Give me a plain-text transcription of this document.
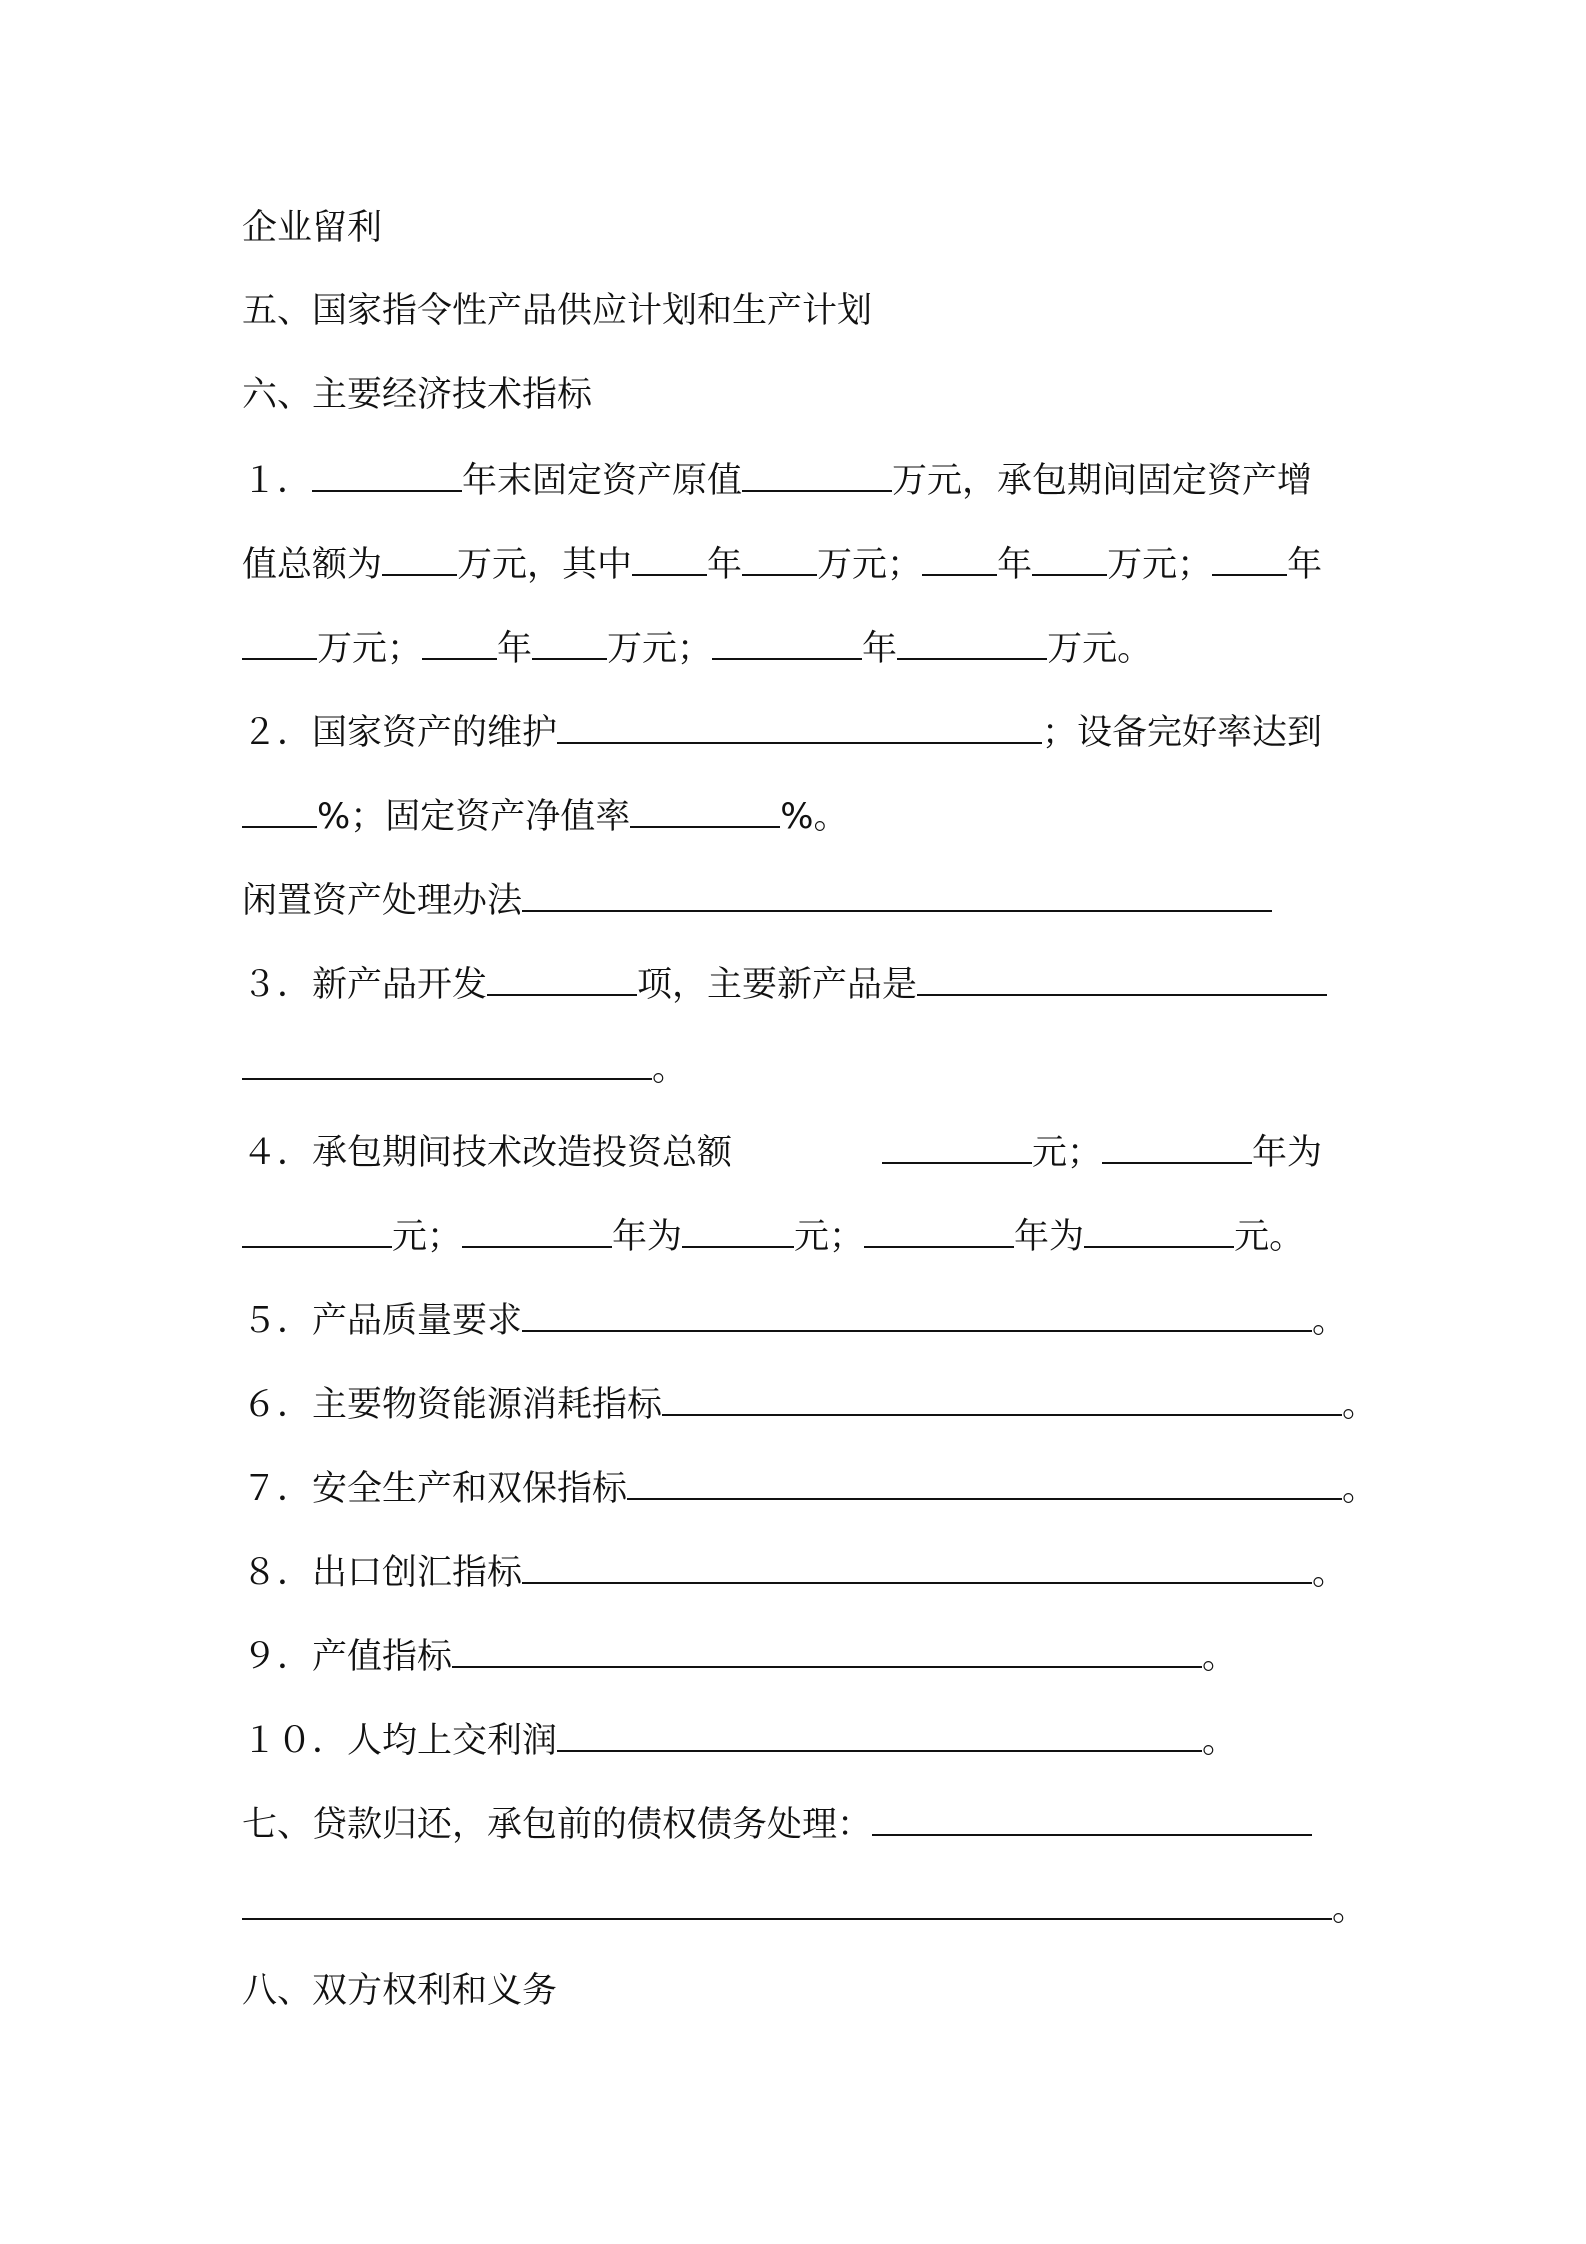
企业留利
五、国家指令性产品供应计划和生产计划
六、主要经济技术指标
１．	年末固定资产原值	万元，承包期间固定资产增
值总额为 万元，其中 年 万元； 年 万元； 年
万元； 年 万元；	年	万元。
２．国家资产的维护	；设备完好率达到
%；固定资产净值率	%。
闲置资产处理办法
３．新产品开发	项，主要新产品是
。
４．承包期间技术改造投资总额	元；	年为
元；	年为	元；	年为	元。
５．产品质量要求	。
６．主要物资能源消耗指标	。
７．安全生产和双保指标	。
８．出口创汇指标	。
９．产值指标	。
１０．人均上交利润	。
七、贷款归还，承包前的债权债务处理：
。
八、双方权利和义务
